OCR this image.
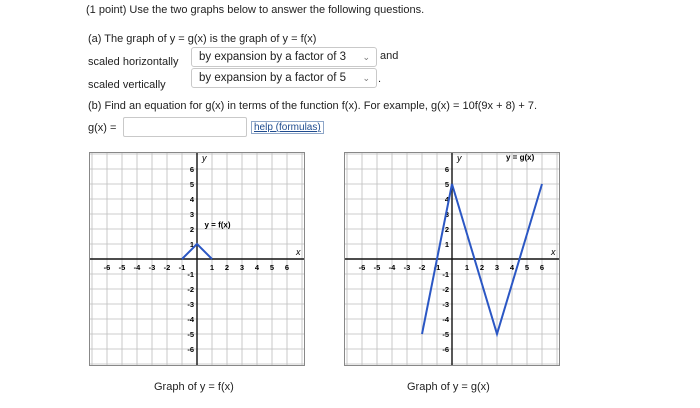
(1 point) Use the two graphs below to answer the following questions.
(a) The graph of y = g(x) is the graph of y = f(x)
scaled horizontally
scaled vertically
by expansion by a factor of 3 ⌄ and
by expansion by a factor of 5 ⌄ .
(b) Find an equation for g(x) in terms of the function f(x). For example, g(x) = 10f(9x + 8) + 7.
g(x) =	help (formulas)
-6 -5 -4 -3 -2 -1	1 2 3 4 5 6
6
5
4
3
2
1
-1
-2
-3
-4
-5
-6
x
y
y = f(x)
-6 -5 -4 -3 -2 -1	1 2 3 4 5 6
6
5
4
3
2
1
-1
-2
-3
-4
-5
-6
x
y	y = g(x)
Graph of y = f(x)	Graph of y = g(x)
